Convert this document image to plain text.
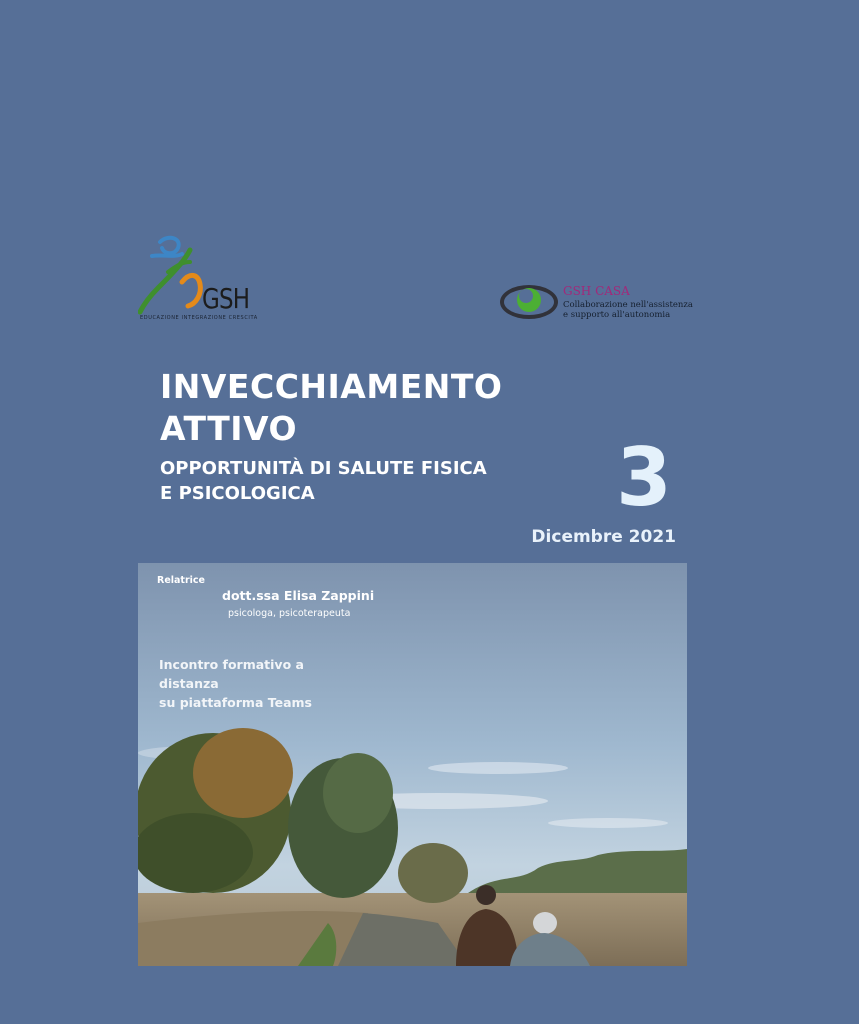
GSH
EDUCAZIONE INTEGRAZIONE CRESCITA
GSH CASA
Collaborazione nell'assistenza
e supporto all'autonomia
INVECCHIAMENTO
ATTIVO
OPPORTUNITÀ DI SALUTE FISICA
E PSICOLOGICA	3
Dicembre 2021
Relatrice
dott.ssa Elisa Zappini
psicologa, psicoterapeuta
Incontro formativo a
distanza
su piattaforma Teams
